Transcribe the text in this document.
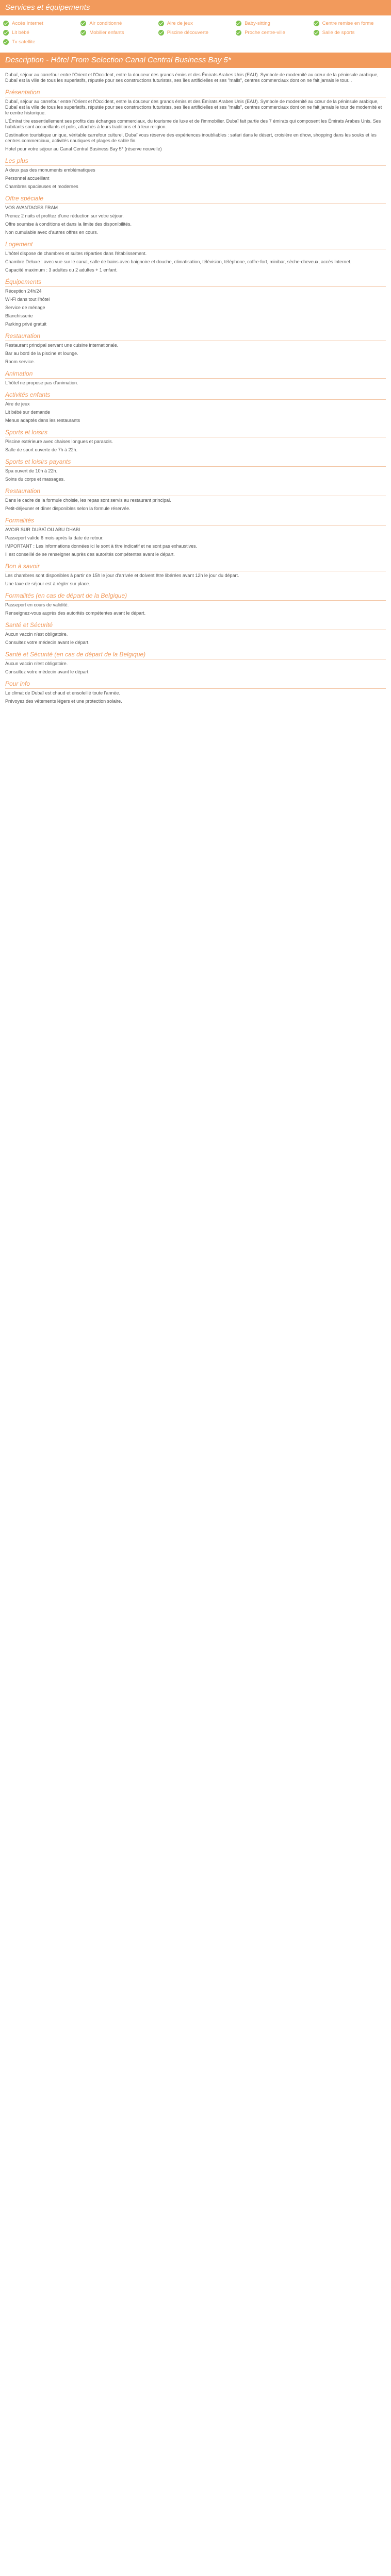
Services et équipements
Accès Internet	Air conditionné	Aire de jeux	Baby-sitting	Centre remise en forme
Lit bébé	Mobilier enfants	Piscine découverte	Proche centre-ville	Salle de sports
Tv satellite
Description - Hôtel From Selection Canal Central Business Bay 5*

Dubaï, séjour au carrefour entre l'Orient et l'Occident, entre la douceur des grands émirs et des Émirats Arabes Unis (EAU). Symbole de modernité au cœur de la péninsule arabique, Dubaï est la ville de tous les superlatifs, réputée pour ses constructions futuristes, ses îles artificielles et ses "malls", centres commerciaux dont on ne fait jamais le tour...

Présentation

Dubaï, séjour au carrefour entre l'Orient et l'Occident, entre la douceur des grands émirs et des Émirats Arabes Unis (EAU). Symbole de modernité au cœur de la péninsule arabique, Dubaï est la ville de tous les superlatifs, réputée pour ses constructions futuristes, ses îles artificielles et ses "malls", centres commerciaux dont on ne fait jamais le tour de modernité et le centre historique.

L'Émirat tire essentiellement ses profits des échanges commerciaux, du tourisme de luxe et de l'immobilier. Dubaï fait partie des 7 émirats qui composent les Émirats Arabes Unis. Ses habitants sont accueillants et polis, attachés à leurs traditions et à leur religion.

Destination touristique unique, véritable carrefour culturel, Dubaï vous réserve des expériences inoubliables : safari dans le désert, croisière en dhow, shopping dans les souks et les centres commerciaux, activités nautiques et plages de sable fin.

Hotel pour votre séjour au Canal Central Business Bay 5* (réserve nouvelle)

Les plus

A deux pas des monuments emblématiques

Personnel accueillant

Chambres spacieuses et modernes

Offre spéciale

VOS AVANTAGES FRAM

Prenez 2 nuits et profitez d'une réduction sur votre séjour.

Offre soumise à conditions et dans la limite des disponibilités.

Non cumulable avec d'autres offres en cours.

Logement

L'hôtel dispose de chambres et suites réparties dans l'établissement.

Chambre Deluxe : avec vue sur le canal, salle de bains avec baignoire et douche, climatisation, télévision, téléphone, coffre-fort, minibar, sèche-cheveux, accès Internet.

Capacité maximum : 3 adultes ou 2 adultes + 1 enfant.

Équipements

Réception 24h/24

Wi-Fi dans tout l'hôtel

Service de ménage

Blanchisserie

Parking privé gratuit

Restauration

Restaurant principal servant une cuisine internationale.

Bar au bord de la piscine et lounge.

Room service.

Animation

L'hôtel ne propose pas d'animation.

Activités enfants

Aire de jeux

Lit bébé sur demande

Menus adaptés dans les restaurants

Sports et loisirs

Piscine extérieure avec chaises longues et parasols.

Salle de sport ouverte de 7h à 22h.

Sports et loisirs payants

Spa ouvert de 10h à 22h.

Soins du corps et massages.

Restauration

Dans le cadre de la formule choisie, les repas sont servis au restaurant principal.

Petit-déjeuner et dîner disponibles selon la formule réservée.

Formalités

AVOIR SUR DUBAÏ OU ABU DHABI

Passeport valide 6 mois après la date de retour.

IMPORTANT : Les informations données ici le sont à titre indicatif et ne sont pas exhaustives.

Il est conseillé de se renseigner auprès des autorités compétentes avant le départ.

Bon à savoir

Les chambres sont disponibles à partir de 15h le jour d'arrivée et doivent être libérées avant 12h le jour du départ.

Une taxe de séjour est à régler sur place.

Formalités (en cas de départ de la Belgique)

Passeport en cours de validité.

Renseignez-vous auprès des autorités compétentes avant le départ.

Santé et Sécurité

Aucun vaccin n'est obligatoire.

Consultez votre médecin avant le départ.

Santé et Sécurité (en cas de départ de la Belgique)

Aucun vaccin n'est obligatoire.

Consultez votre médecin avant le départ.

Pour info

Le climat de Dubaï est chaud et ensoleillé toute l'année.

Prévoyez des vêtements légers et une protection solaire.
